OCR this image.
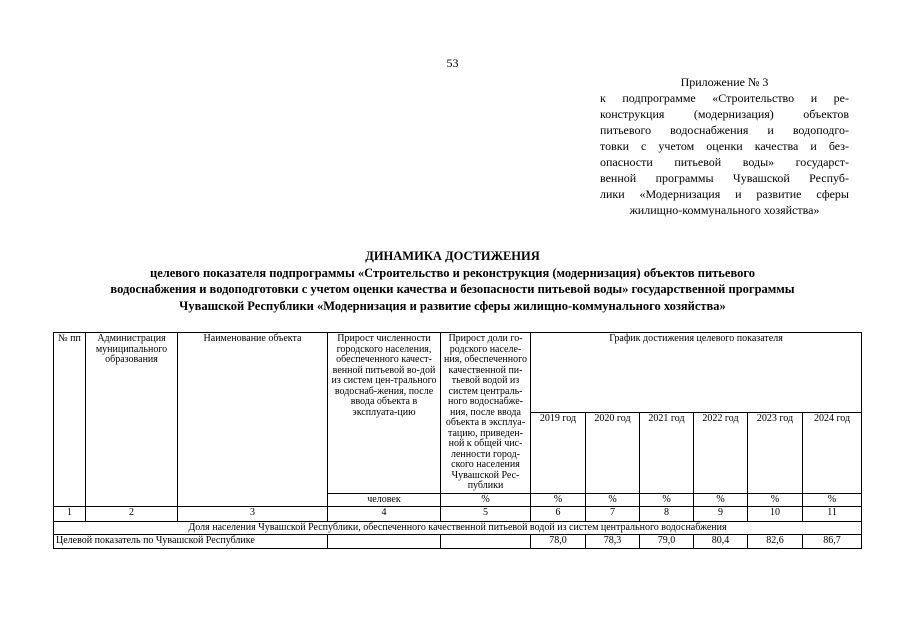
53
Приложение № 3
к подпрограмме «Строительство и ре-
конструкция (модернизация) объектов
питьевого водоснабжения и водоподго-
товки с учетом оценки качества и без-
опасности питьевой воды» государст-
венной программы Чувашской Респуб-
лики «Модернизация и развитие сферы
жилищно-коммунального хозяйства»
ДИНАМИКА ДОСТИЖЕНИЯ
целевого показателя подпрограммы «Строительство и реконструкция (модернизация) объектов питьевого
водоснабжения и водоподготовки с учетом оценки качества и безопасности питьевой воды» государственной программы
Чувашской Республики «Модернизация и развитие сферы жилищно-коммунального хозяйства»
№ пп	Администрация муниципального образования	Наименование объекта	Прирост численности городского населения, обеспеченного качест-венной питьевой во-дой из систем цен-трального водоснаб-жения, после ввода объекта в эксплуата-цию	Прирост доли го-родского населе-ния, обеспеченного качественной пи-тьевой водой из систем централь-ного водоснабже-ния, после ввода объекта в эксплуа-тацию, приведен-ной к общей чис-ленности город-ского населения Чувашской Рес-публики	График достижения целевого показателя					
					2019 год	2020 год	2021 год	2022 год	2023 год	2024 год
			человек	%	%	%	%	%	%	%
1	2	3	4	5	6	7	8	9	10	11
Доля населения Чувашской Республики, обеспеченного качественной питьевой водой из систем центрального водоснабжения										
Целевой показатель по Чувашской Республике					78,0	78,3	79,0	80,4	82,6	86,7
